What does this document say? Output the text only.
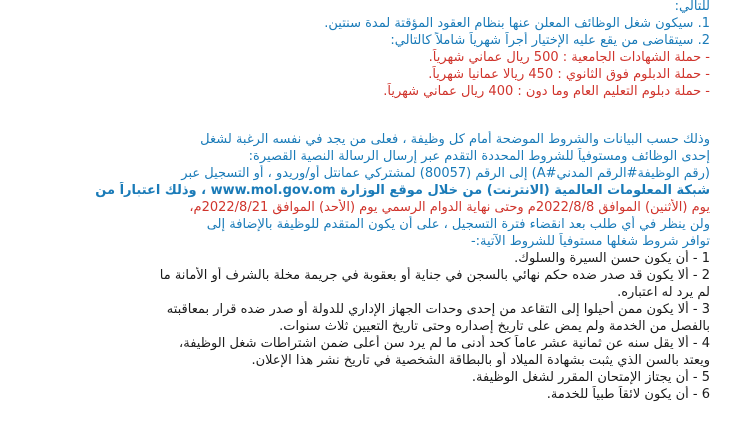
للتالي:
1. سيكون شغل الوظائف المعلن عنها بنظام العقود المؤقتة لمدة سنتين.
2. سيتقاضى من يقع عليه الإختيار أجراً شهرياً شاملاً كالتالي:
- حملة الشهادات الجامعية : 500 ريال عماني شهرياً.
- حملة الدبلوم فوق الثانوي : 450 ريالا عمانيا شهرياً.
- حملة دبلوم التعليم العام وما دون : 400 ريال عماني شهرياً.
وذلك حسب البيانات والشروط الموضحة أمام كل وظيفة ، فعلى من يجد في نفسه الرغبة لشغل
إحدى الوظائف ومستوفياً للشروط المحددة التقدم عبر إرسال الرسالة النصية القصيرة:
(رقم الوظيفة#الرقم المدني#A) إلى الرقم (80057) لمشتركي عمانتل أو/وريدو ، أو التسجيل عبر
شبكة المعلومات العالمية (الانترنت) من خلال موقع الوزارة www.mol.gov.om ، وذلك اعتباراً من
يوم (الأثنين) الموافق 2022/8/8م وحتى نهاية الدوام الرسمي يوم (الأحد) الموافق 2022/8/21م،
ولن ينظر في أي طلب بعد انقضاء فترة التسجيل ، على أن يكون المتقدم للوظيفة بالإضافة إلى
توافر شروط شغلها مستوفياً للشروط الآتية:-
1 - أن يكون حسن السيرة والسلوك.
2 - ألا يكون قد صدر ضده حكم نهائي بالسجن في جناية أو بعقوبة في جريمة مخلة بالشرف أو الأمانة ما
لم يرد له اعتباره.
3 - ألا يكون ممن أحيلوا إلى التقاعد من إحدى وحدات الجهاز الإداري للدولة أو صدر ضده قرار بمعاقبته
بالفصل من الخدمة ولم يمض على تاريخ إصداره وحتى تاريخ التعيين ثلاث سنوات.
4 - ألا يقل سنه عن ثمانية عشر عاماً كحد أدنى ما لم يرد سن أعلى ضمن اشتراطات شغل الوظيفة،
ويعتد بالسن الذي يثبت بشهادة الميلاد أو بالبطاقة الشخصية في تاريخ نشر هذا الإعلان.
5 - أن يجتاز الإمتحان المقرر لشغل الوظيفة.
6 - أن يكون لائقاً طبياً للخدمة.
